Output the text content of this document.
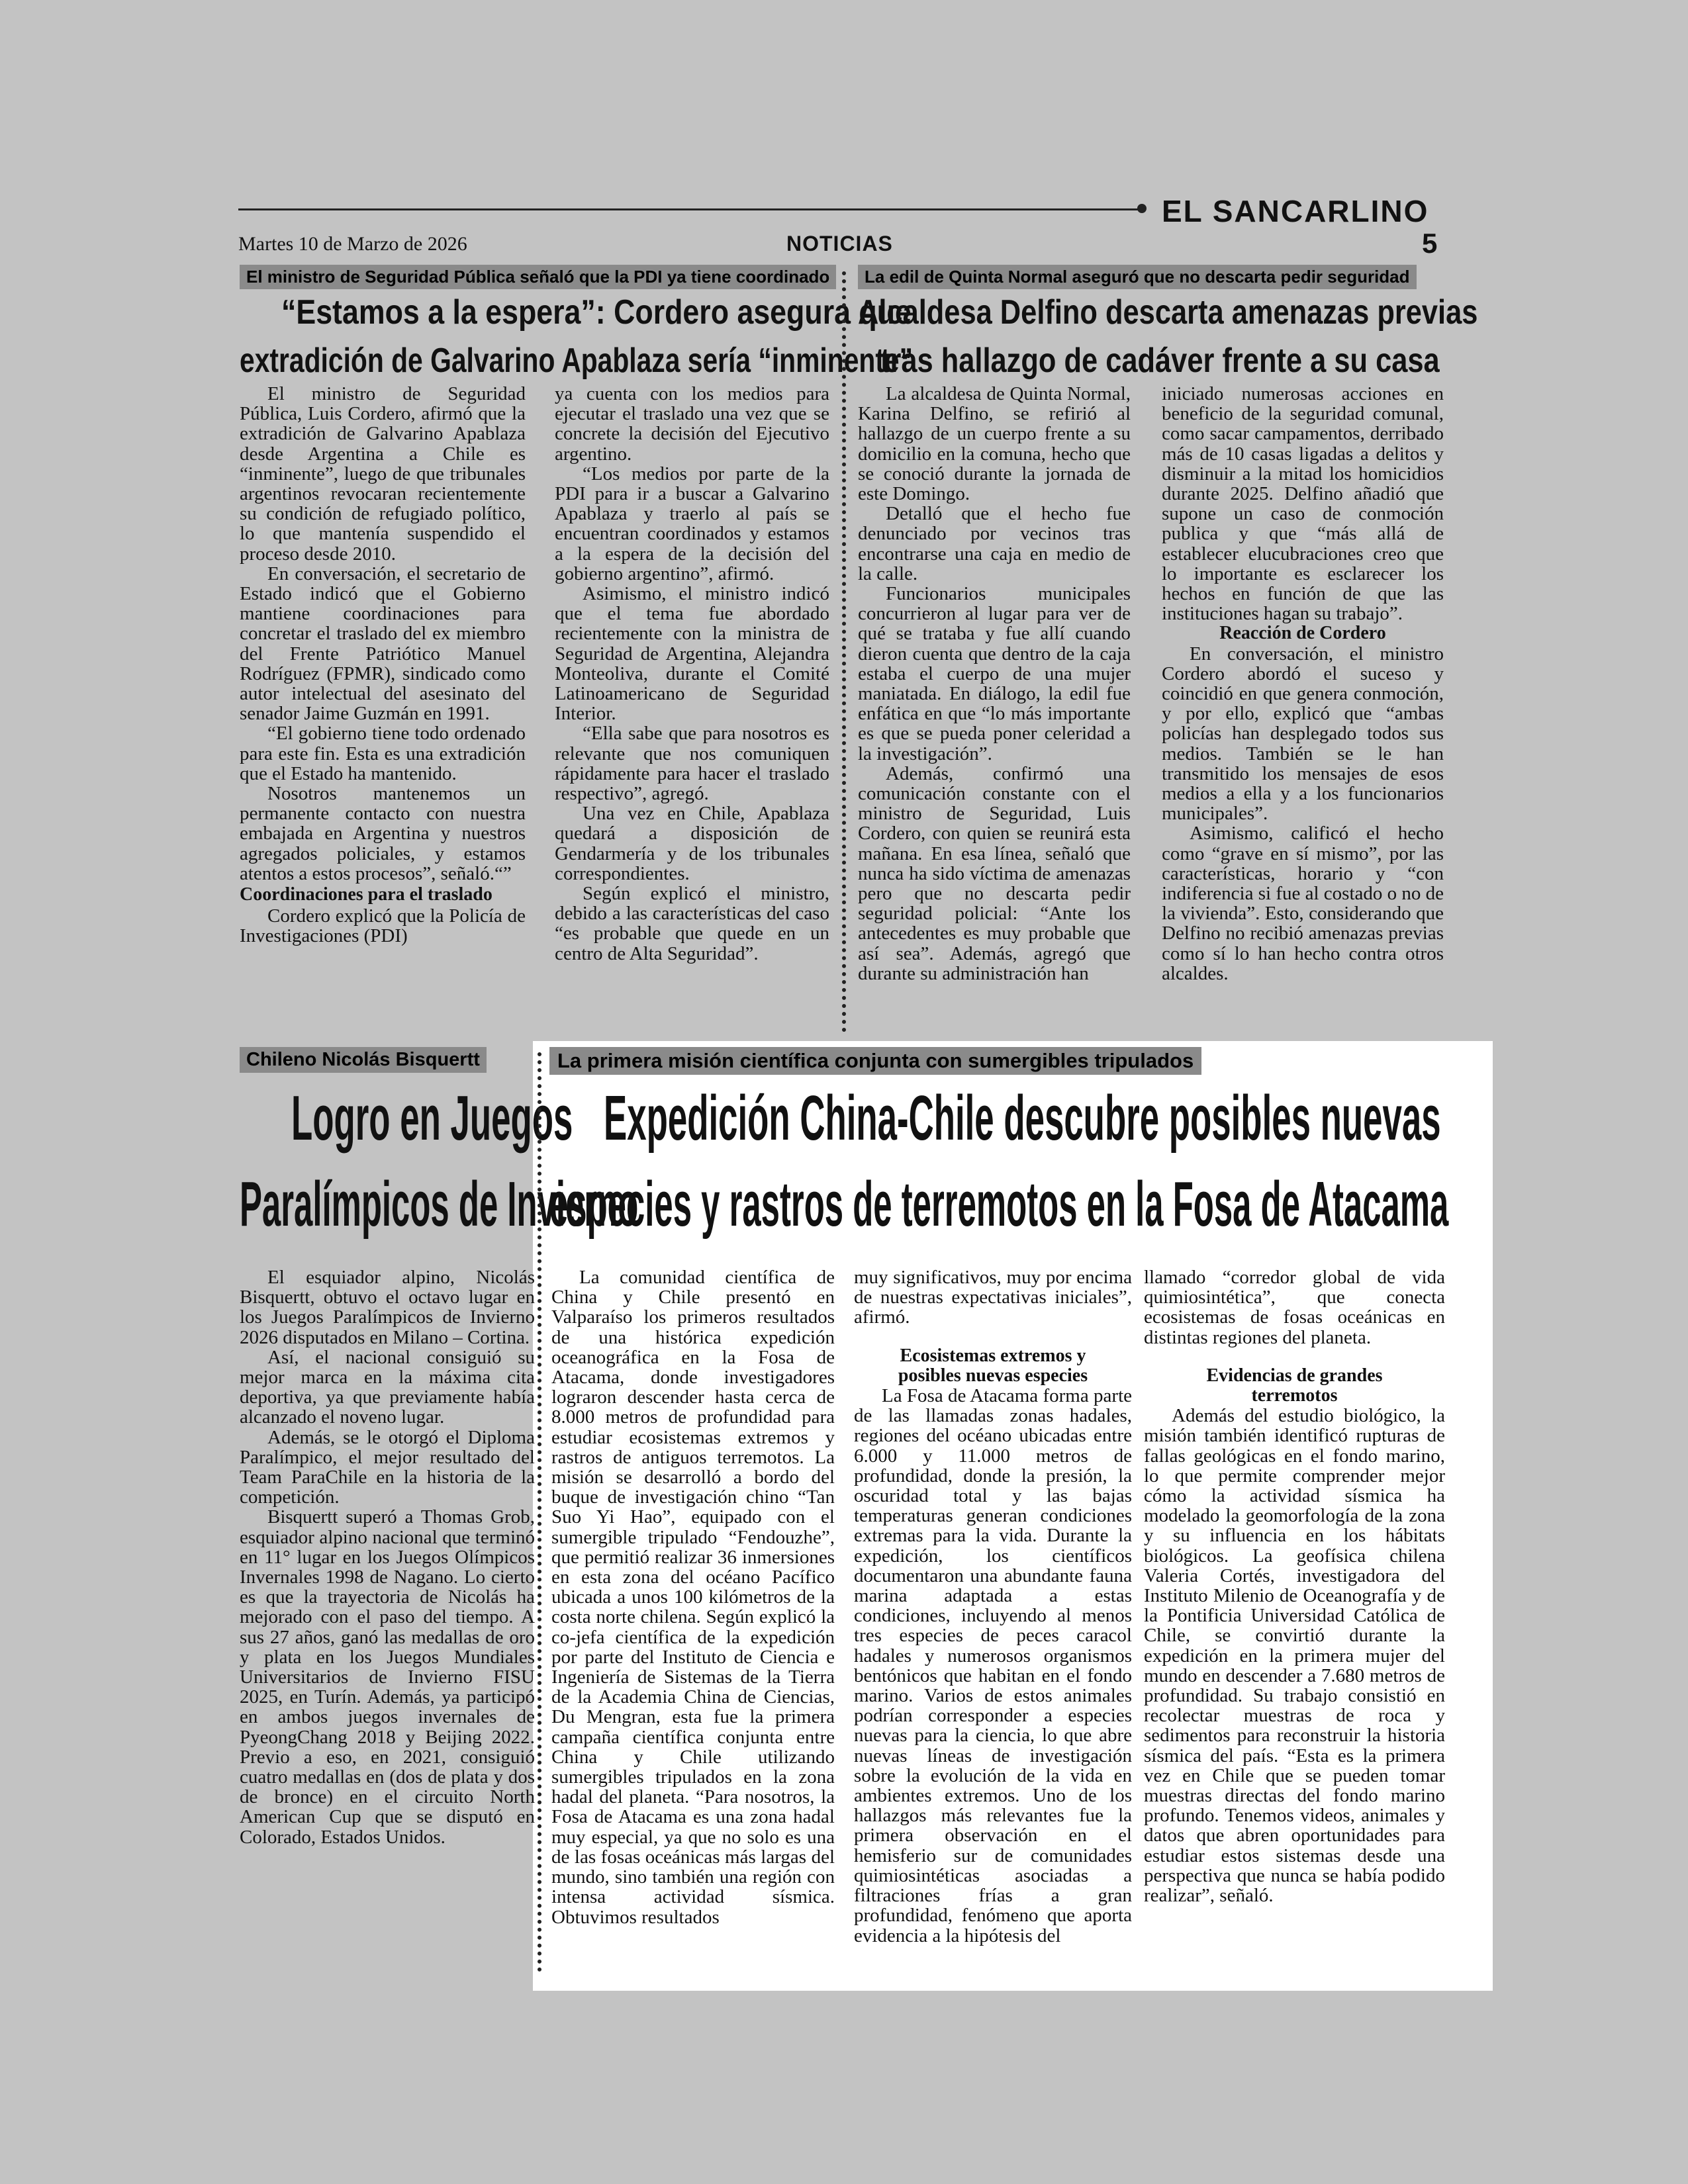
EL SANCARLINO
Martes 10 de Marzo de 2026	NOTICIAS	5
El ministro de Seguridad Pública señaló que la PDI ya tiene coordinado
“Estamos a la espera”: Cordero asegura que
extradición de Galvarino Apablaza sería “inminente”

El ministro de Seguridad Pública, Luis Cordero, afirmó que la extradición de Galvarino Apablaza desde Argentina a Chile es “inminente”, luego de que tribunales argentinos revocaran recientemente su condición de refugiado político, lo que mantenía suspendido el proceso desde 2010.

En conversación, el secretario de Estado indicó que el Gobierno mantiene coordinaciones para concretar el traslado del ex miembro del Frente Patriótico Manuel Rodríguez (FPMR), sindicado como autor intelectual del asesinato del senador Jaime Guzmán en 1991.

“El gobierno tiene todo ordenado para este fin. Esta es una extradición que el Estado ha mantenido.

Nosotros mantenemos un permanente contacto con nuestra embajada en Argentina y nuestros agregados policiales, y estamos atentos a estos procesos”, señaló.“”

Coordinaciones para el traslado

Cordero explicó que la Policía de Investigaciones (PDI)

ya cuenta con los medios para ejecutar el traslado una vez que se concrete la decisión del Ejecutivo argentino.

“Los medios por parte de la PDI para ir a buscar a Galvarino Apablaza y traerlo al país se encuentran coordinados y estamos a la espera de la decisión del gobierno argentino”, afirmó.

Asimismo, el ministro indicó que el tema fue abordado recientemente con la ministra de Seguridad de Argentina, Alejandra Monteoliva, durante el Comité Latinoamericano de Seguridad Interior.

“Ella sabe que para nosotros es relevante que nos comuniquen rápidamente para hacer el traslado respectivo”, agregó.

Una vez en Chile, Apablaza quedará a disposición de Gendarmería y de los tribunales correspondientes.

Según explicó el ministro, debido a las características del caso “es probable que quede en un centro de Alta Seguridad”.

La edil de Quinta Normal aseguró que no descarta pedir seguridad
Alcaldesa Delfino descarta amenazas previas
tras hallazgo de cadáver frente a su casa

La alcaldesa de Quinta Normal, Karina Delfino, se refirió al hallazgo de un cuerpo frente a su domicilio en la comuna, hecho que se conoció durante la jornada de este Domingo.

Detalló que el hecho fue denunciado por vecinos tras encontrarse una caja en medio de la calle.

Funcionarios municipales concurrieron al lugar para ver de qué se trataba y fue allí cuando dieron cuenta que dentro de la caja estaba el cuerpo de una mujer maniatada. En diálogo, la edil fue enfática en que “lo más importante es que se pueda poner celeridad a la investigación”.

Además, confirmó una comunicación constante con el ministro de Seguridad, Luis Cordero, con quien se reunirá esta mañana. En esa línea, señaló que nunca ha sido víctima de amenazas pero que no descarta pedir seguridad policial: “Ante los antecedentes es muy probable que así sea”. Además, agregó que durante su administración han

iniciado numerosas acciones en beneficio de la seguridad comunal, como sacar campamentos, derribado más de 10 casas ligadas a delitos y disminuir a la mitad los homicidios durante 2025. Delfino añadió que supone un caso de conmoción publica y que “más allá de establecer elucubraciones creo que lo importante es esclarecer los hechos en función de que las instituciones hagan su trabajo”.

Reacción de Cordero

En conversación, el ministro Cordero abordó el suceso y coincidió en que genera conmoción, y por ello, explicó que “ambas policías han desplegado todos sus medios. También se le han transmitido los mensajes de esos medios a ella y a los funcionarios municipales”.

Asimismo, calificó el hecho como “grave en sí mismo”, por las características, horario y “con indiferencia si fue al costado o no de la vivienda”. Esto, considerando que Delfino no recibió amenazas previas como sí lo han hecho contra otros alcaldes.

Chileno Nicolás Bisquertt
Logro en Juegos
Paralímpicos de Invierno

El esquiador alpino, Nicolás Bisquertt, obtuvo el octavo lugar en los Juegos Paralímpicos de Invierno 2026 disputados en Milano – Cortina.

Así, el nacional consiguió su mejor marca en la máxima cita deportiva, ya que previamente había alcanzado el noveno lugar.

Además, se le otorgó el Diploma Paralímpico, el mejor resultado del Team ParaChile en la historia de la competición.

Bisquertt superó a Thomas Grob, esquiador alpino nacional que terminó en 11° lugar en los Juegos Olímpicos Invernales 1998 de Nagano. Lo cierto es que la trayectoria de Nicolás ha mejorado con el paso del tiempo. A sus 27 años, ganó las medallas de oro y plata en los Juegos Mundiales Universitarios de Invierno FISU 2025, en Turín. Además, ya participó en ambos juegos invernales de PyeongChang 2018 y Beijing 2022. Previo a eso, en 2021, consiguió cuatro medallas en (dos de plata y dos de bronce) en el circuito North American Cup que se disputó en Colorado, Estados Unidos.

La primera misión científica conjunta con sumergibles tripulados
Expedición China-Chile descubre posibles nuevas
especies y rastros de terremotos en la Fosa de Atacama

La comunidad científica de China y Chile presentó en Valparaíso los primeros resultados de una histórica expedición oceanográfica en la Fosa de Atacama, donde investigadores lograron descender hasta cerca de 8.000 metros de profundidad para estudiar ecosistemas extremos y rastros de antiguos terremotos. La misión se desarrolló a bordo del buque de investigación chino “Tan Suo Yi Hao”, equipado con el sumergible tripulado “Fendouzhe”, que permitió realizar 36 inmersiones en esta zona del océano Pacífico ubicada a unos 100 kilómetros de la costa norte chilena. Según explicó la co-jefa científica de la expedición por parte del Instituto de Ciencia e Ingeniería de Sistemas de la Tierra de la Academia China de Ciencias, Du Mengran, esta fue la primera campaña científica conjunta entre China y Chile utilizando sumergibles tripulados en la zona hadal del planeta. “Para nosotros, la Fosa de Atacama es una zona hadal muy especial, ya que no solo es una de las fosas oceánicas más largas del mundo, sino también una región con intensa actividad sísmica. Obtuvimos resultados

muy significativos, muy por encima de nuestras expectativas iniciales”, afirmó.

Ecosistemas extremos y posibles nuevas especies

La Fosa de Atacama forma parte de las llamadas zonas hadales, regiones del océano ubicadas entre 6.000 y 11.000 metros de profundidad, donde la presión, la oscuridad total y las bajas temperaturas generan condiciones extremas para la vida. Durante la expedición, los científicos documentaron una abundante fauna marina adaptada a estas condiciones, incluyendo al menos tres especies de peces caracol hadales y numerosos organismos bentónicos que habitan en el fondo marino. Varios de estos animales podrían corresponder a especies nuevas para la ciencia, lo que abre nuevas líneas de investigación sobre la evolución de la vida en ambientes extremos. Uno de los hallazgos más relevantes fue la primera observación en el hemisferio sur de comunidades quimiosintéticas asociadas a filtraciones frías a gran profundidad, fenómeno que aporta evidencia a la hipótesis del

llamado “corredor global de vida quimiosintética”, que conecta ecosistemas de fosas oceánicas en distintas regiones del planeta.

Evidencias de grandes terremotos

Además del estudio biológico, la misión también identificó rupturas de fallas geológicas en el fondo marino, lo que permite comprender mejor cómo la actividad sísmica ha modelado la geomorfología de la zona y su influencia en los hábitats biológicos. La geofísica chilena Valeria Cortés, investigadora del Instituto Milenio de Oceanografía y de la Pontificia Universidad Católica de Chile, se convirtió durante la expedición en la primera mujer del mundo en descender a 7.680 metros de profundidad. Su trabajo consistió en recolectar muestras de roca y sedimentos para reconstruir la historia sísmica del país. “Esta es la primera vez en Chile que se pueden tomar muestras directas del fondo marino profundo. Tenemos videos, animales y datos que abren oportunidades para estudiar estos sistemas desde una perspectiva que nunca se había podido realizar”, señaló.
